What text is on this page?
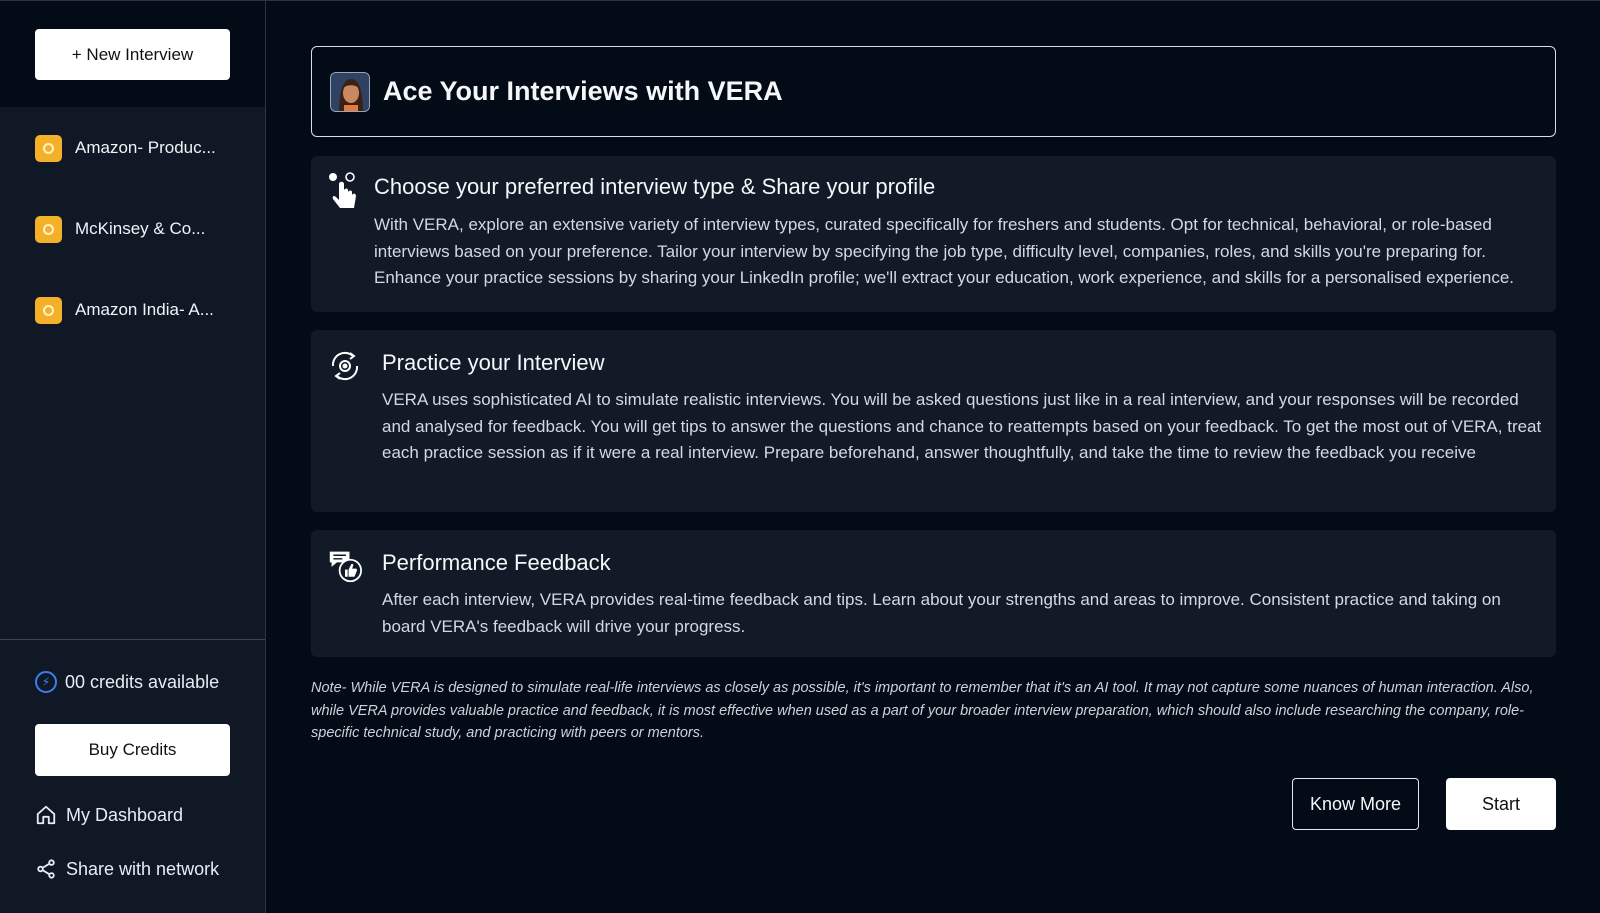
+ New Interview
Amazon- Produc...
McKinsey & Co...
Amazon India- A...
⚡ 00 credits available
Buy Credits
My Dashboard
Share with network
Ace Your Interviews with VERA
Choose your preferred interview type & Share your profile
With VERA, explore an extensive variety of interview types, curated specifically for freshers and students. Opt for technical, behavioral, or role-based interviews based on your preference. Tailor your interview by specifying the job type, difficulty level, companies, roles, and skills you're preparing for. Enhance your practice sessions by sharing your LinkedIn profile; we'll extract your education, work experience, and skills for a personalised experience.
Practice your Interview
VERA uses sophisticated AI to simulate realistic interviews. You will be asked questions just like in a real interview, and your responses will be recorded and analysed for feedback. You will get tips to answer the questions and chance to reattempts based on your feedback. To get the most out of VERA, treat each practice session as if it were a real interview. Prepare beforehand, answer thoughtfully, and take the time to review the feedback you receive
Performance Feedback
After each interview, VERA provides real-time feedback and tips. Learn about your strengths and areas to improve. Consistent practice and taking on board VERA's feedback will drive your progress.
Note- While VERA is designed to simulate real-life interviews as closely as possible, it's important to remember that it's an AI tool. It may not capture some nuances of human interaction. Also, while VERA provides valuable practice and feedback, it is most effective when used as a part of your broader interview preparation, which should also include researching the company, role-specific technical study, and practicing with peers or mentors.
Know More	Start
